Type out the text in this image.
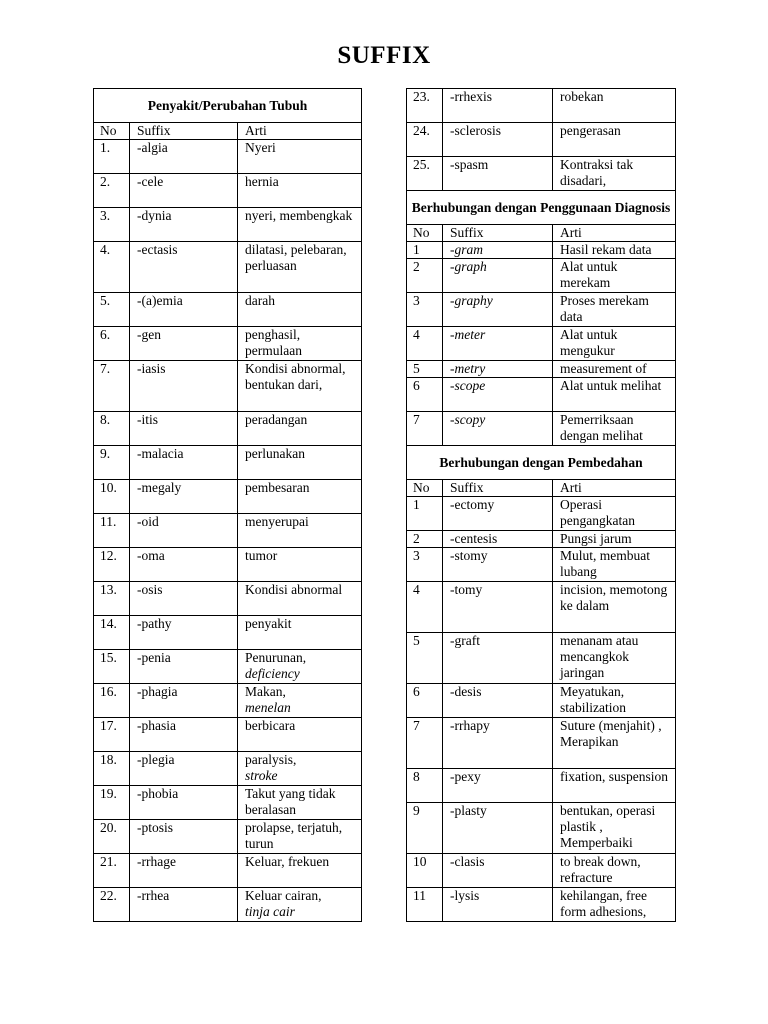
SUFFIX
Penyakit/Perubahan Tubuh		
No	Suffix	Arti
1.	-algia	Nyeri
2.	-cele	hernia
3.	-dynia	nyeri, membengkak
4.	-ectasis	dilatasi, pelebaran, perluasan
5.	-(a)emia	darah
6.	-gen	penghasil, permulaan
7.	-iasis	Kondisi abnormal, bentukan dari,
8.	-itis	peradangan
9.	-malacia	perlunakan
10.	-megaly	pembesaran
11.	-oid	menyerupai
12.	-oma	tumor
13.	-osis	Kondisi abnormal
14.	-pathy	penyakit
15.	-penia	Penurunan,
deficiency
16.	-phagia	Makan,
menelan
17.	-phasia	berbicara
18.	-plegia	paralysis,
stroke
19.	-phobia	Takut yang tidak beralasan
20.	-ptosis	prolapse, terjatuh, turun
21.	-rrhage	Keluar, frekuen
22.	-rrhea	Keluar cairan,
tinja cair
23.	-rrhexis	robekan
24.	-sclerosis	pengerasan
25.	-spasm	Kontraksi tak disadari,
Berhubungan dengan Penggunaan Diagnosis		
No	Suffix	Arti
1	-gram	Hasil rekam data
2	-graph	Alat untuk merekam
3	-graphy	Proses merekam data
4	-meter	Alat untuk mengukur
5	-metry	measurement of
6	-scope	Alat untuk melihat
7	-scopy	Pemerriksaan dengan melihat
Berhubungan dengan Pembedahan		
No	Suffix	Arti
1	-ectomy	Operasi pengangkatan
2	-centesis	Pungsi jarum
3	-stomy	Mulut, membuat lubang
4	-tomy	incision, memotong ke dalam
5	-graft	menanam atau mencangkok jaringan
6	-desis	Meyatukan, stabilization
7	-rrhapy	Suture (menjahit) , Merapikan
8	-pexy	fixation, suspension
9	-plasty	bentukan, operasi plastik , Memperbaiki
10	-clasis	to break down, refracture
11	-lysis	kehilangan, free form adhesions,
